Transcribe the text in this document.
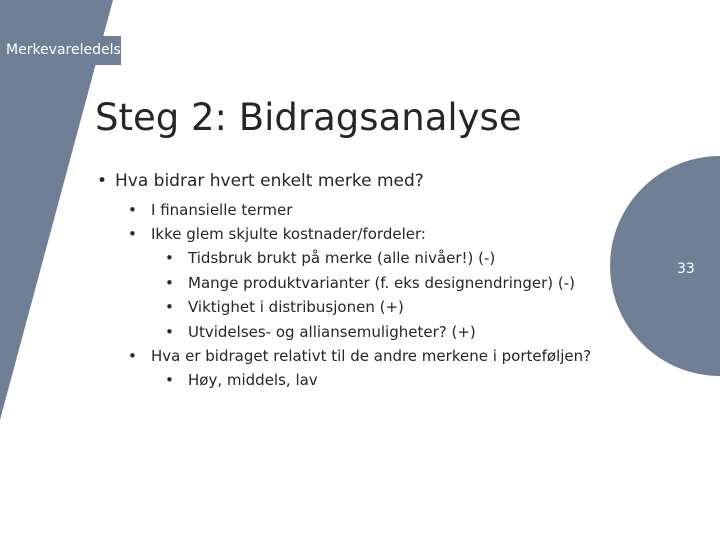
Merkevareledelse
Steg 2: Bidragsanalyse
• Hva bidrar hvert enkelt merke med?
• I finansielle termer
• Ikke glem skjulte kostnader/fordeler:
• Tidsbruk brukt på merke (alle nivåer!) (-)
• Mange produktvarianter (f. eks designendringer) (-)
• Viktighet i distribusjonen (+)
• Utvidelses- og alliansemuligheter? (+)
• Hva er bidraget relativt til de andre merkene i porteføljen?
• Høy, middels, lav
33
